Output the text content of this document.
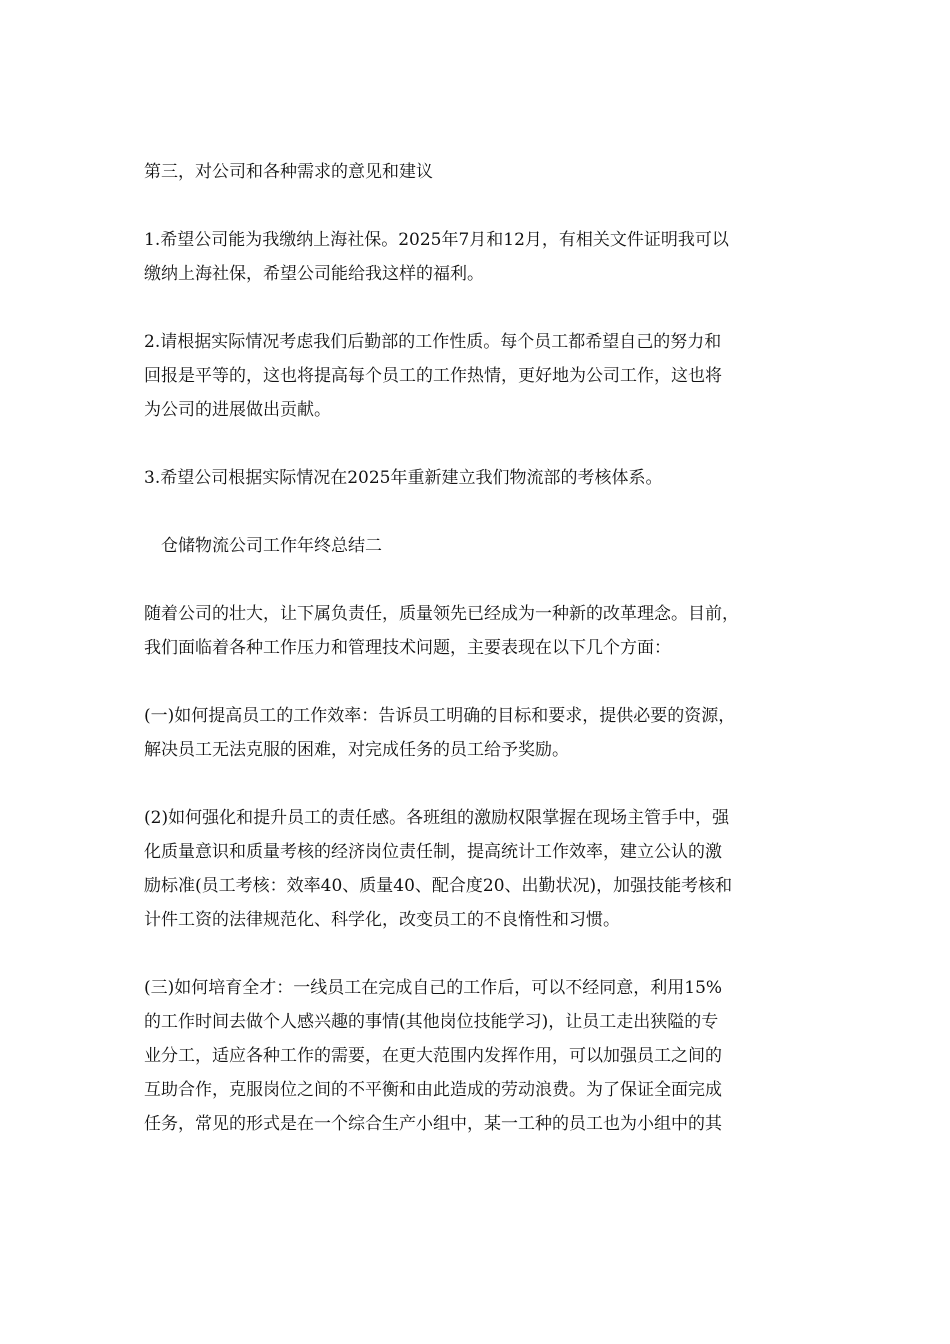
第三，对公司和各种需求的意见和建议

1.希望公司能为我缴纳上海社保。2025年7月和12月，有相关文件证明我可以
缴纳上海社保，希望公司能给我这样的福利。

2.请根据实际情况考虑我们后勤部的工作性质。每个员工都希望自己的努力和
回报是平等的，这也将提高每个员工的工作热情，更好地为公司工作，这也将
为公司的进展做出贡献。

3.希望公司根据实际情况在2025年重新建立我们物流部的考核体系。

仓储物流公司工作年终总结二

随着公司的壮大，让下属负责任，质量领先已经成为一种新的改革理念。目前，
我们面临着各种工作压力和管理技术问题，主要表现在以下几个方面：

(一)如何提高员工的工作效率：告诉员工明确的目标和要求，提供必要的资源，
解决员工无法克服的困难，对完成任务的员工给予奖励。

(2)如何强化和提升员工的责任感。各班组的激励权限掌握在现场主管手中，强
化质量意识和质量考核的经济岗位责任制，提高统计工作效率，建立公认的激
励标准(员工考核：效率40、质量40、配合度20、出勤状况)，加强技能考核和
计件工资的法律规范化、科学化，改变员工的不良惰性和习惯。

(三)如何培育全才：一线员工在完成自己的工作后，可以不经同意，利用15%
的工作时间去做个人感兴趣的事情(其他岗位技能学习)，让员工走出狭隘的专
业分工，适应各种工作的需要，在更大范围内发挥作用，可以加强员工之间的
互助合作，克服岗位之间的不平衡和由此造成的劳动浪费。为了保证全面完成
任务，常见的形式是在一个综合生产小组中，某一工种的员工也为小组中的其
